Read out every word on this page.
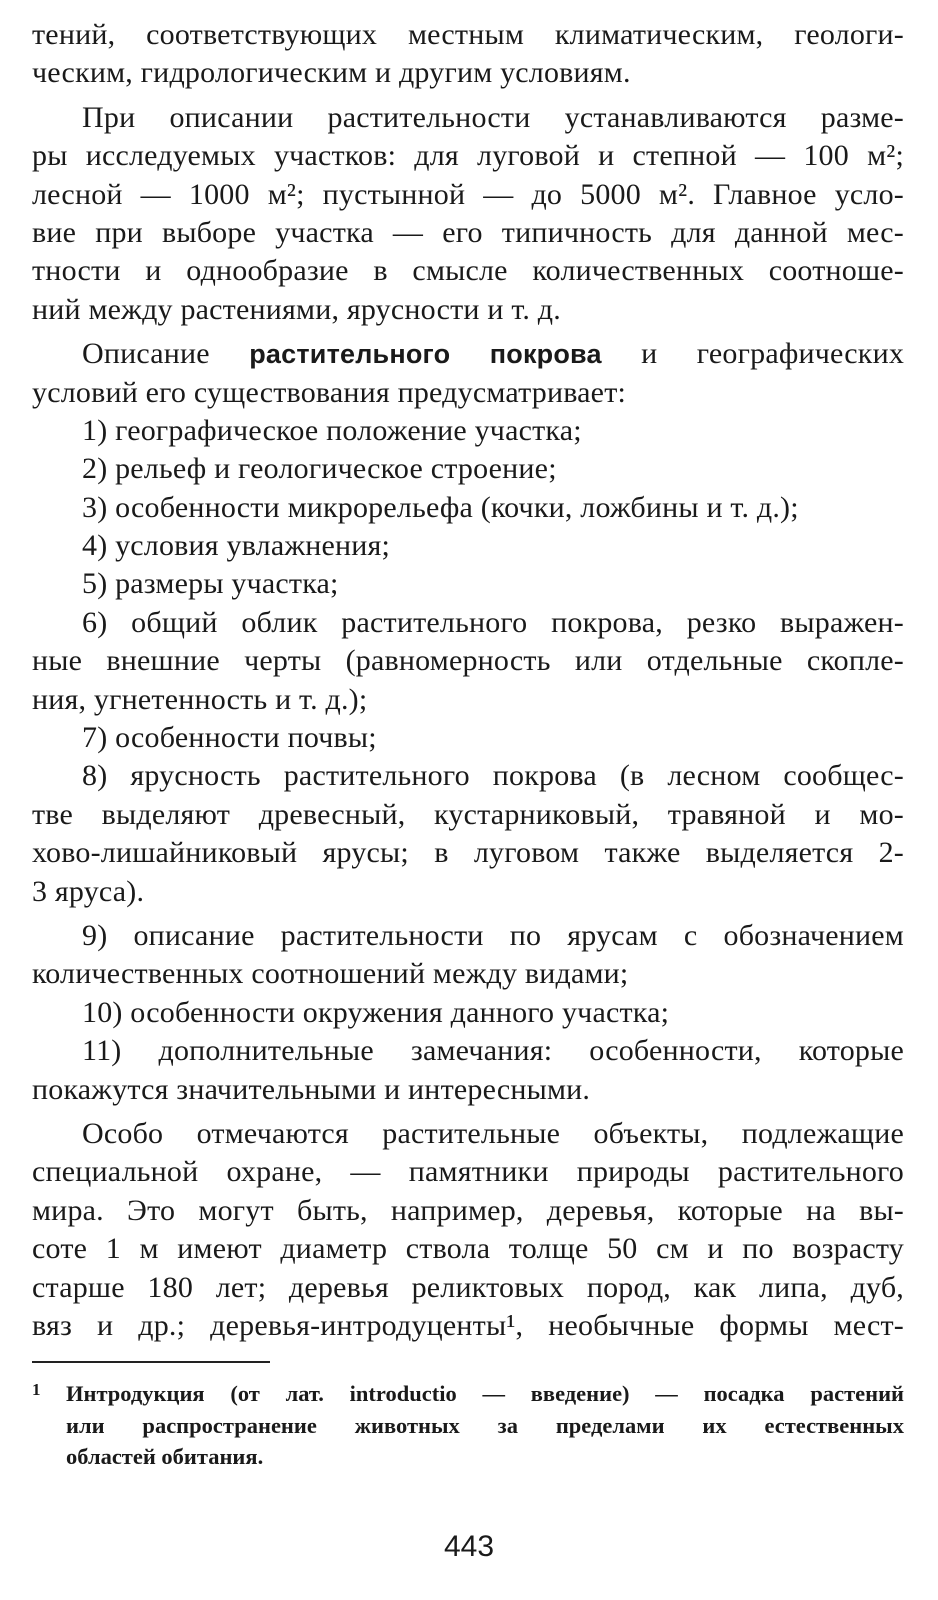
тений, соответствующих местным климатическим, геологи-
ческим, гидрологическим и другим условиям.
При описании растительности устанавливаются разме-
ры исследуемых участков: для луговой и степной — 100 м²;
лесной — 1000 м²; пустынной — до 5000 м². Главное усло-
вие при выборе участка — его типичность для данной мес-
тности и однообразие в смысле количественных соотноше-
ний между растениями, ярусности и т. д.
Описание растительного покрова и географических
условий его существования предусматривает:
1) географическое положение участка;
2) рельеф и геологическое строение;
3) особенности микрорельефа (кочки, ложбины и т. д.);
4) условия увлажнения;
5) размеры участка;
6) общий облик растительного покрова, резко выражен-
ные внешние черты (равномерность или отдельные скопле-
ния, угнетенность и т. д.);
7) особенности почвы;
8) ярусность растительного покрова (в лесном сообщес-
тве выделяют древесный, кустарниковый, травяной и мо-
хово-лишайниковый ярусы; в луговом также выделяется 2-
3 яруса).
9) описание растительности по ярусам с обозначением
количественных соотношений между видами;
10) особенности окружения данного участка;
11) дополнительные замечания: особенности, которые
покажутся значительными и интересными.
Особо отмечаются растительные объекты, подлежащие
специальной охране, — памятники природы растительного
мира. Это могут быть, например, деревья, которые на вы-
соте 1 м имеют диаметр ствола толще 50 см и по возрасту
старше 180 лет; деревья реликтовых пород, как липа, дуб,
вяз и др.; деревья-интродуценты¹, необычные формы мест-
1 Интродукция (от лат. introductio — введение) — посадка растений
или распространение животных за пределами их естественных
областей обитания.
443
